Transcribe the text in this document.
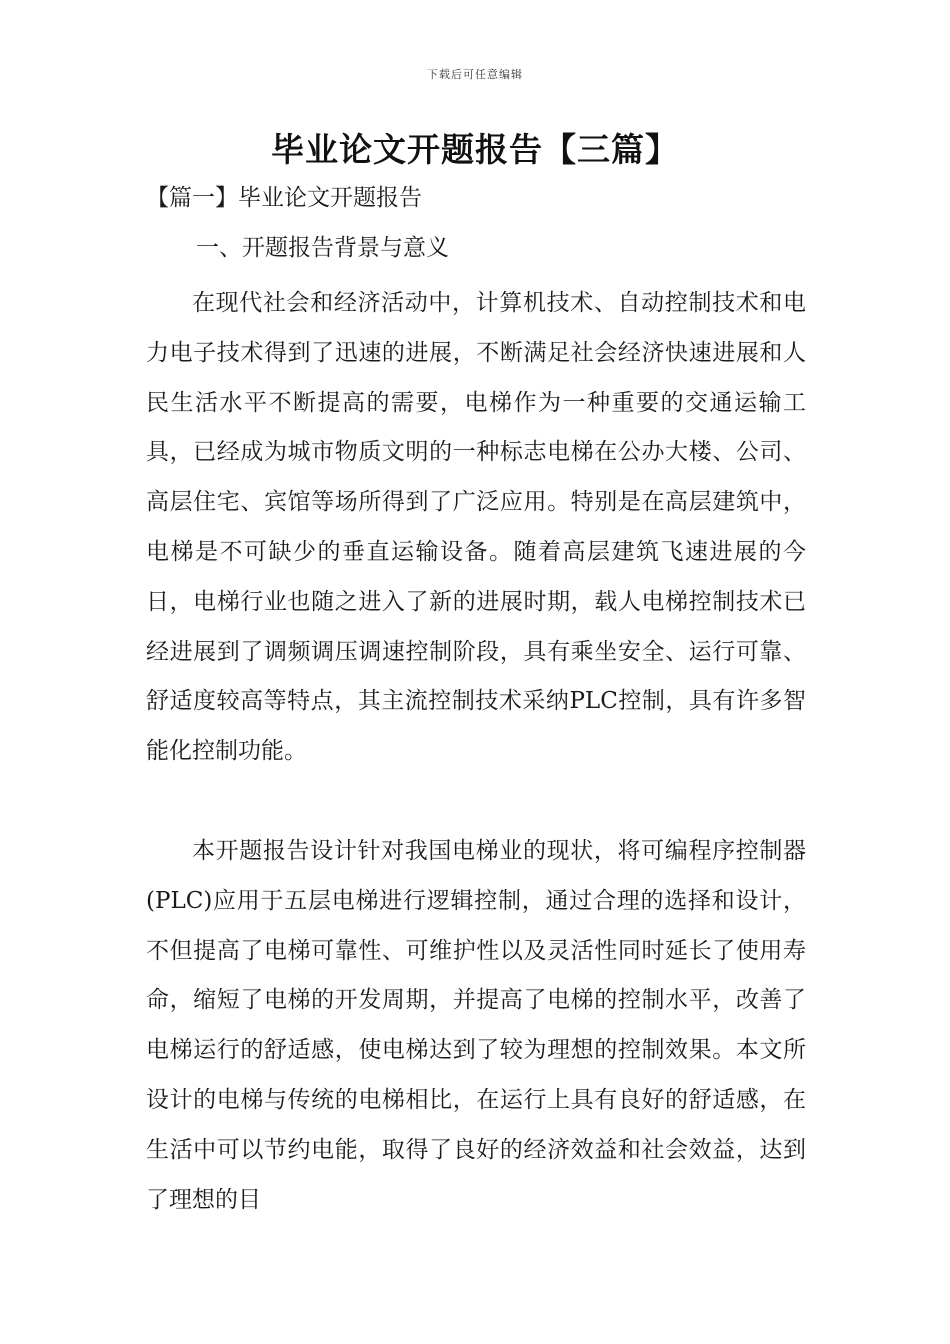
下载后可任意编辑
毕业论文开题报告【三篇】
【篇一】毕业论文开题报告
一、开题报告背景与意义

在现代社会和经济活动中，计算机技术、自动控制技术和电力电子技术得到了迅速的进展，不断满足社会经济快速进展和人民生活水平不断提高的需要，电梯作为一种重要的交通运输工具，已经成为城市物质文明的一种标志电梯在公办大楼、公司、高层住宅、宾馆等场所得到了广泛应用。特别是在高层建筑中，电梯是不可缺少的垂直运输设备。随着高层建筑飞速进展的今日，电梯行业也随之进入了新的进展时期，载人电梯控制技术已经进展到了调频调压调速控制阶段，具有乘坐安全、运行可靠、舒适度较高等特点，其主流控制技术采纳PLC控制，具有许多智能化控制功能。

本开题报告设计针对我国电梯业的现状，将可编程序控制器(PLC)应用于五层电梯进行逻辑控制，通过合理的选择和设计，不但提高了电梯可靠性、可维护性以及灵活性同时延长了使用寿命，缩短了电梯的开发周期，并提高了电梯的控制水平，改善了电梯运行的舒适感，使电梯达到了较为理想的控制效果。本文所设计的电梯与传统的电梯相比，在运行上具有良好的舒适感，在生活中可以节约电能，取得了良好的经济效益和社会效益，达到了理想的目
